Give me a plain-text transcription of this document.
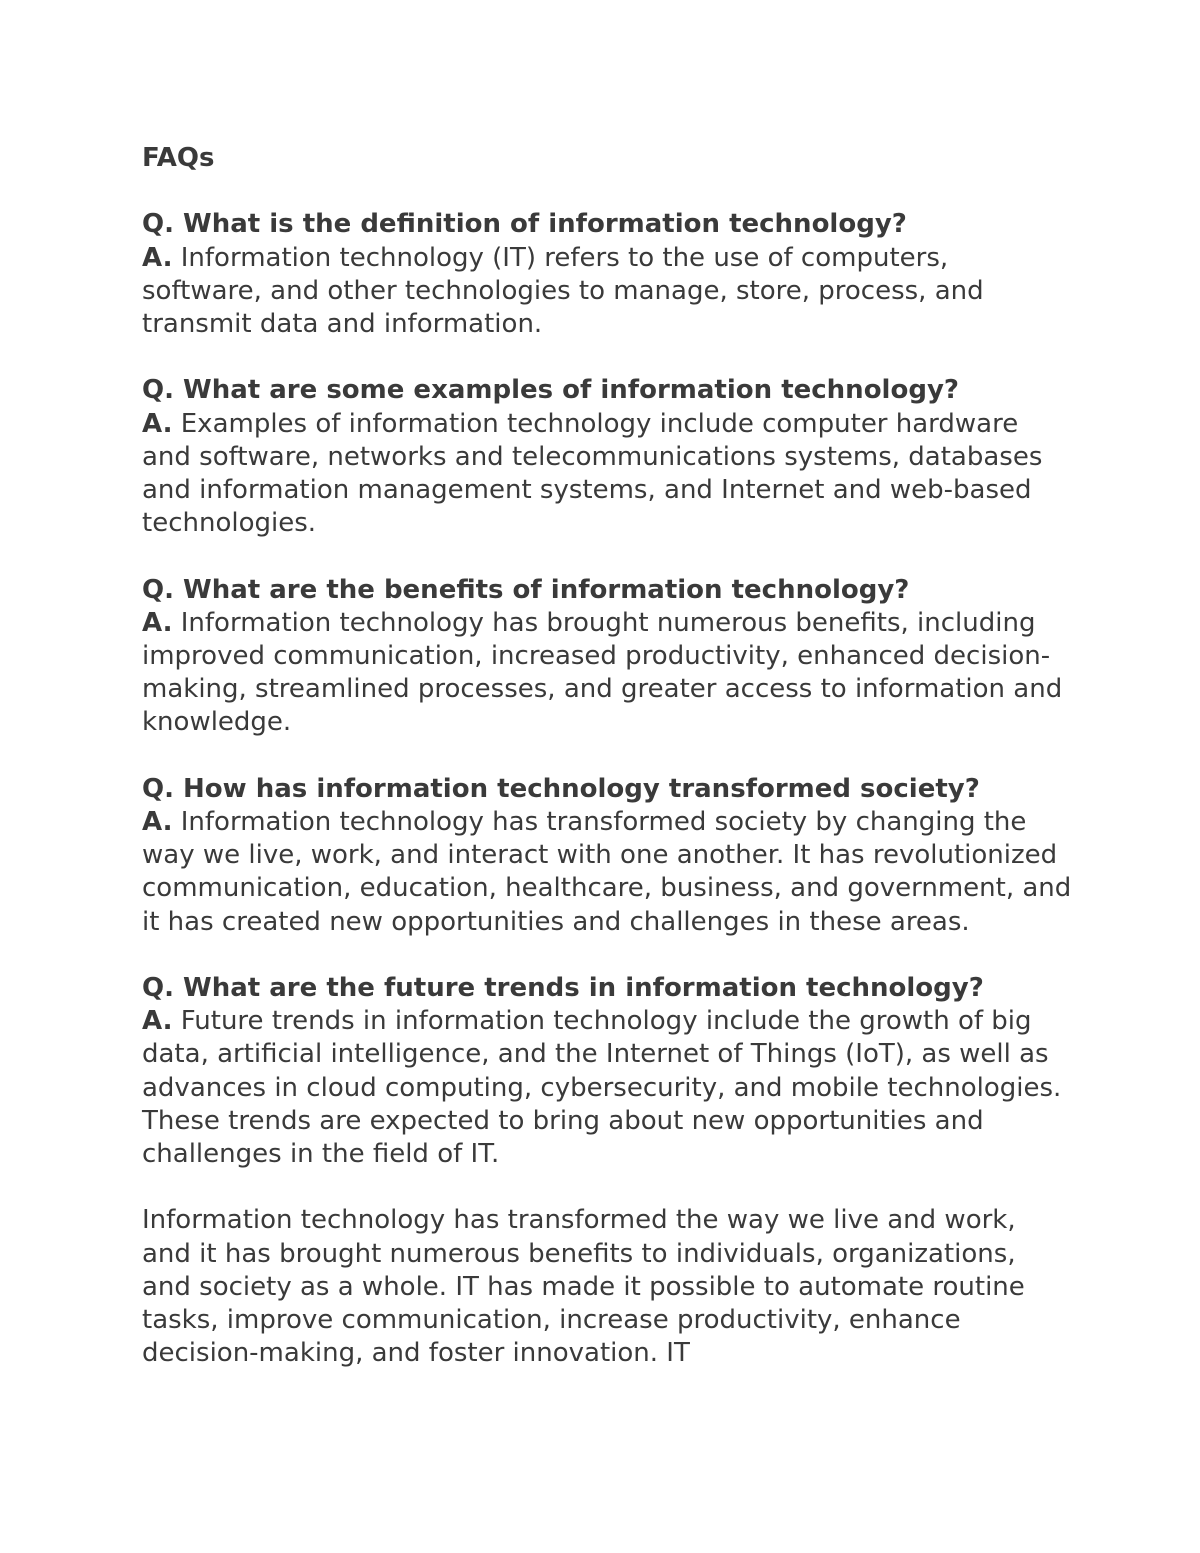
FAQs

Q. What is the definition of information technology?

A. Information technology (IT) refers to the use of computers, software, and other technologies to manage, store, process, and transmit data and information.

Q. What are some examples of information technology?

A. Examples of information technology include computer hardware and software, networks and telecommunications systems, databases and information management systems, and Internet and web-based technologies.

Q. What are the benefits of information technology?

A. Information technology has brought numerous benefits, including improved communication, increased productivity, enhanced decision-making, streamlined processes, and greater access to information and knowledge.

Q. How has information technology transformed society?

A. Information technology has transformed society by changing the way we live, work, and interact with one another. It has revolutionized communication, education, healthcare, business, and government, and it has created new opportunities and challenges in these areas.

Q. What are the future trends in information technology?

A. Future trends in information technology include the growth of big data, artificial intelligence, and the Internet of Things (IoT), as well as advances in cloud computing, cybersecurity, and mobile technologies. These trends are expected to bring about new opportunities and challenges in the field of IT.

Information technology has transformed the way we live and work, and it has brought numerous benefits to individuals, organizations, and society as a whole. IT has made it possible to automate routine tasks, improve communication, increase productivity, enhance decision-making, and foster innovation. IT
